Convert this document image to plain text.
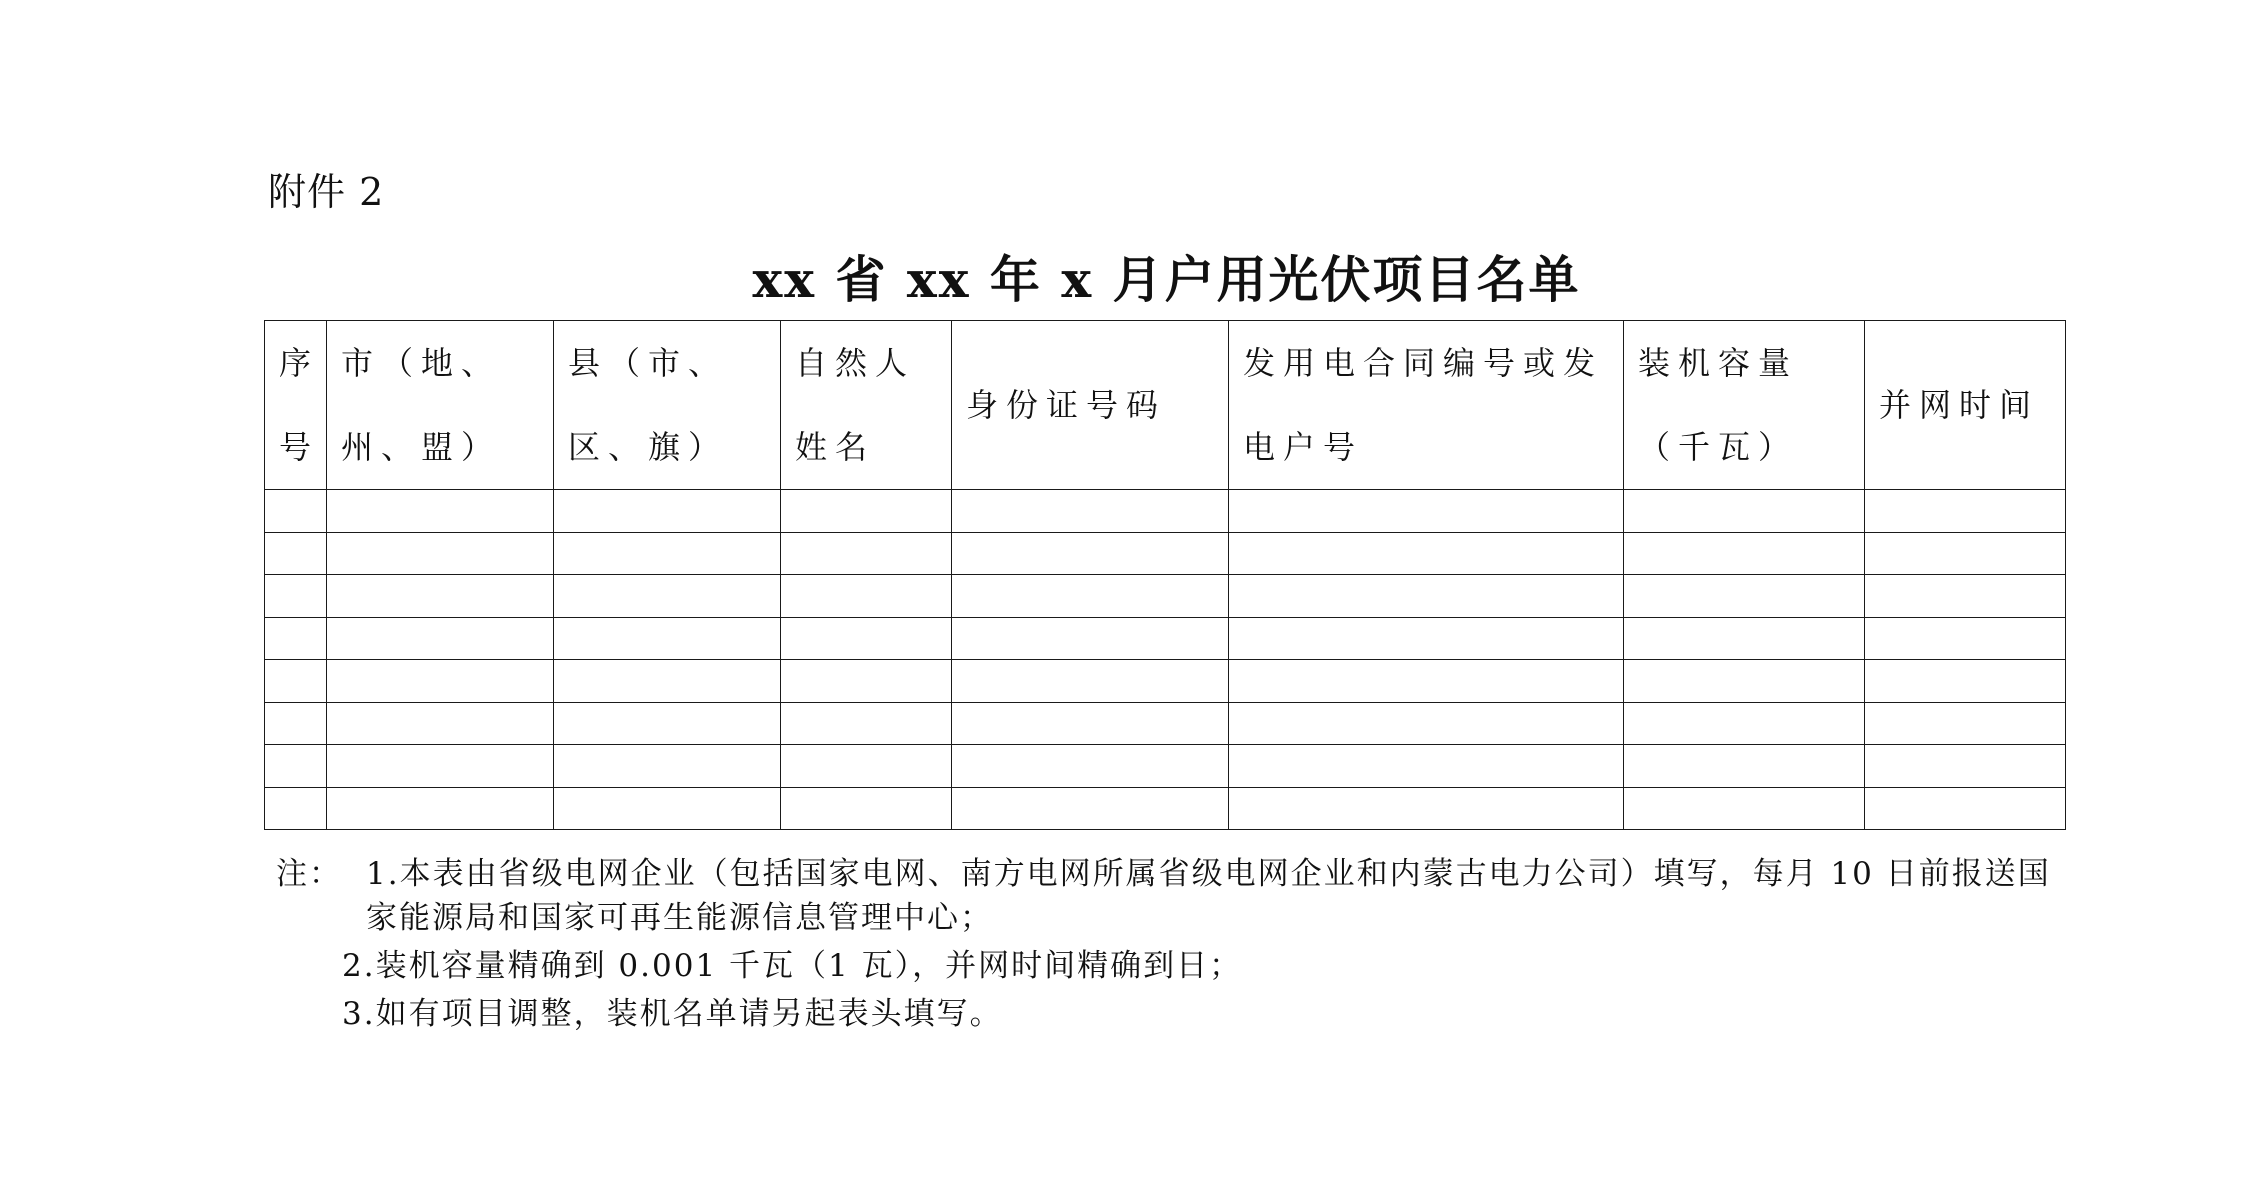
附件 2
xx 省 xx 年 x 月户用光伏项目名单
序号	市（地、州、盟）	县（市、区、旗）	自然人姓名	身份证号码	发用电合同编号或发电户号	装机容量（千瓦）	并网时间

注： 1.本表由省级电网企业（包括国家电网、南方电网所属省级电网企业和内蒙古电力公司）填写，每月 10 日前报送国家能源局和国家可再生能源信息管理中心；
2.装机容量精确到 0.001 千瓦（1 瓦），并网时间精确到日；
3.如有项目调整，装机名单请另起表头填写。
